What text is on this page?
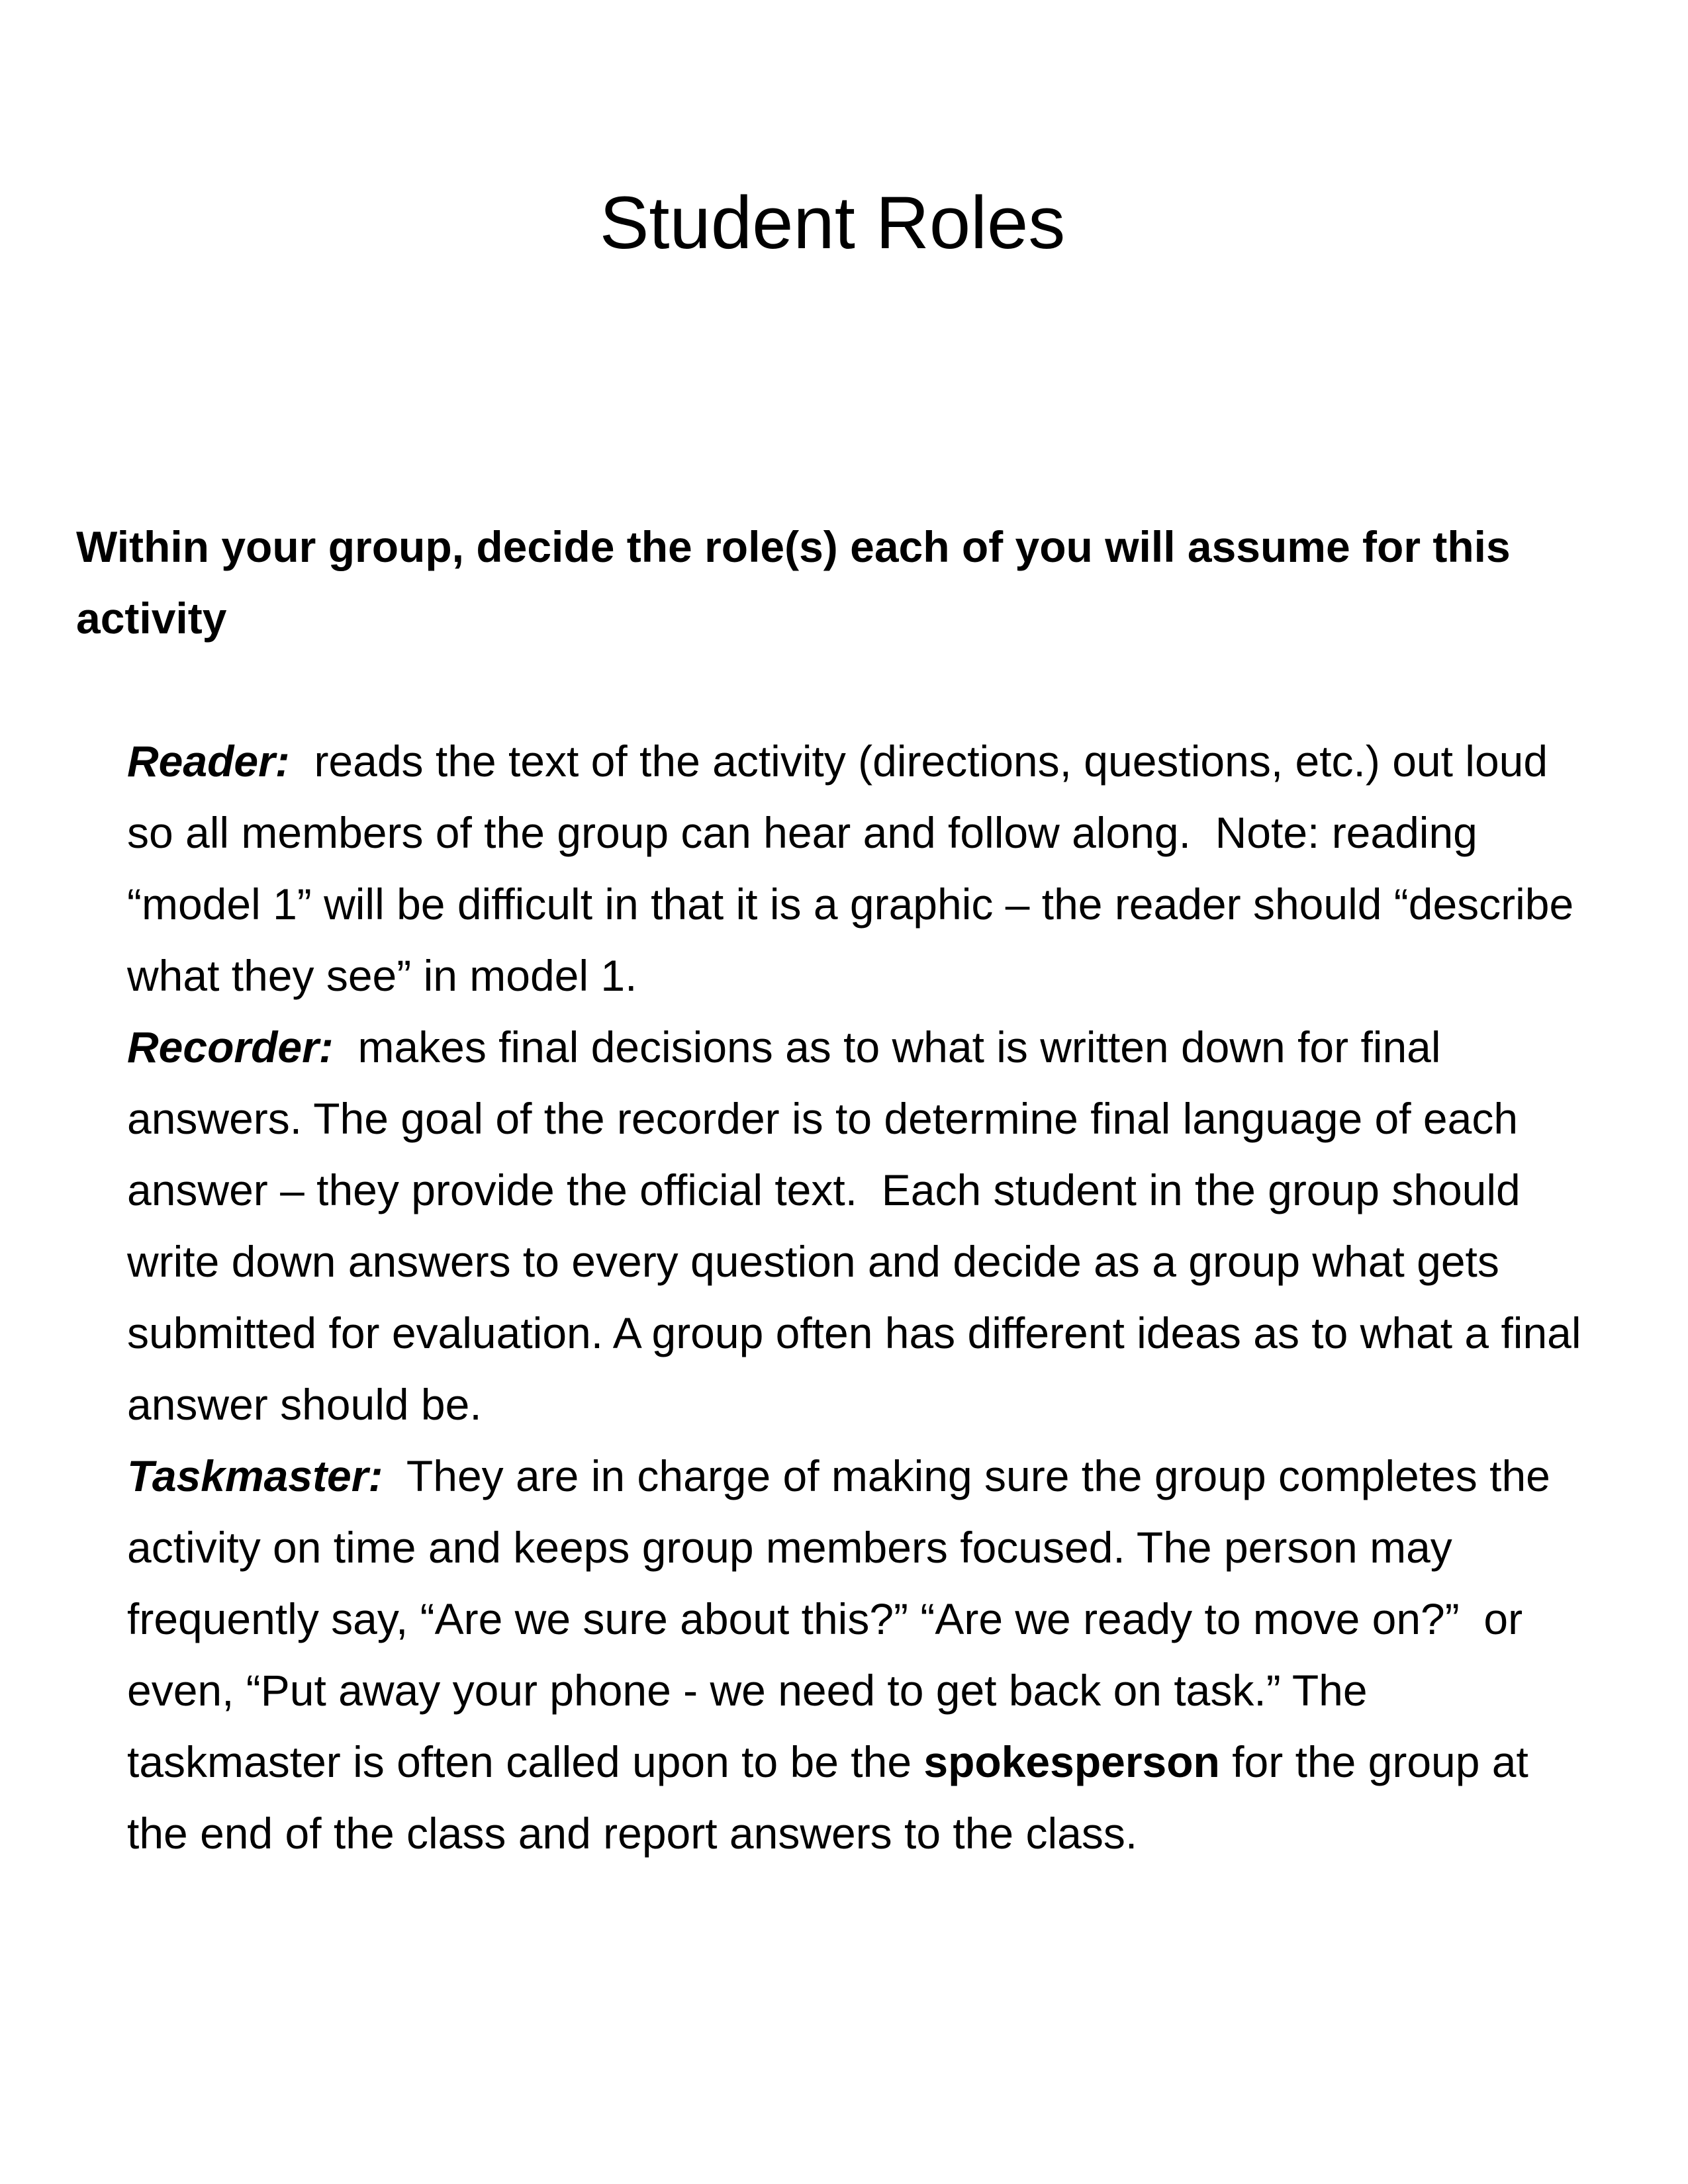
Student Roles

Within your group, decide the role(s) each of you will assume for this activity

Reader:  reads the text of the activity (directions, questions, etc.) out loud so all members of the group can hear and follow along.  Note: reading “model 1” will be difficult in that it is a graphic – the reader should “describe what they see” in model 1.

Recorder:  makes final decisions as to what is written down for final answers. The goal of the recorder is to determine final language of each answer – they provide the official text.  Each student in the group should write down answers to every question and decide as a group what gets submitted for evaluation. A group often has different ideas as to what a final answer should be.

Taskmaster:  They are in charge of making sure the group completes the activity on time and keeps group members focused. The person may frequently say, “Are we sure about this?” “Are we ready to move on?”  or even, “Put away your phone - we need to get back on task.” The taskmaster is often called upon to be the spokesperson for the group at the end of the class and report answers to the class.
